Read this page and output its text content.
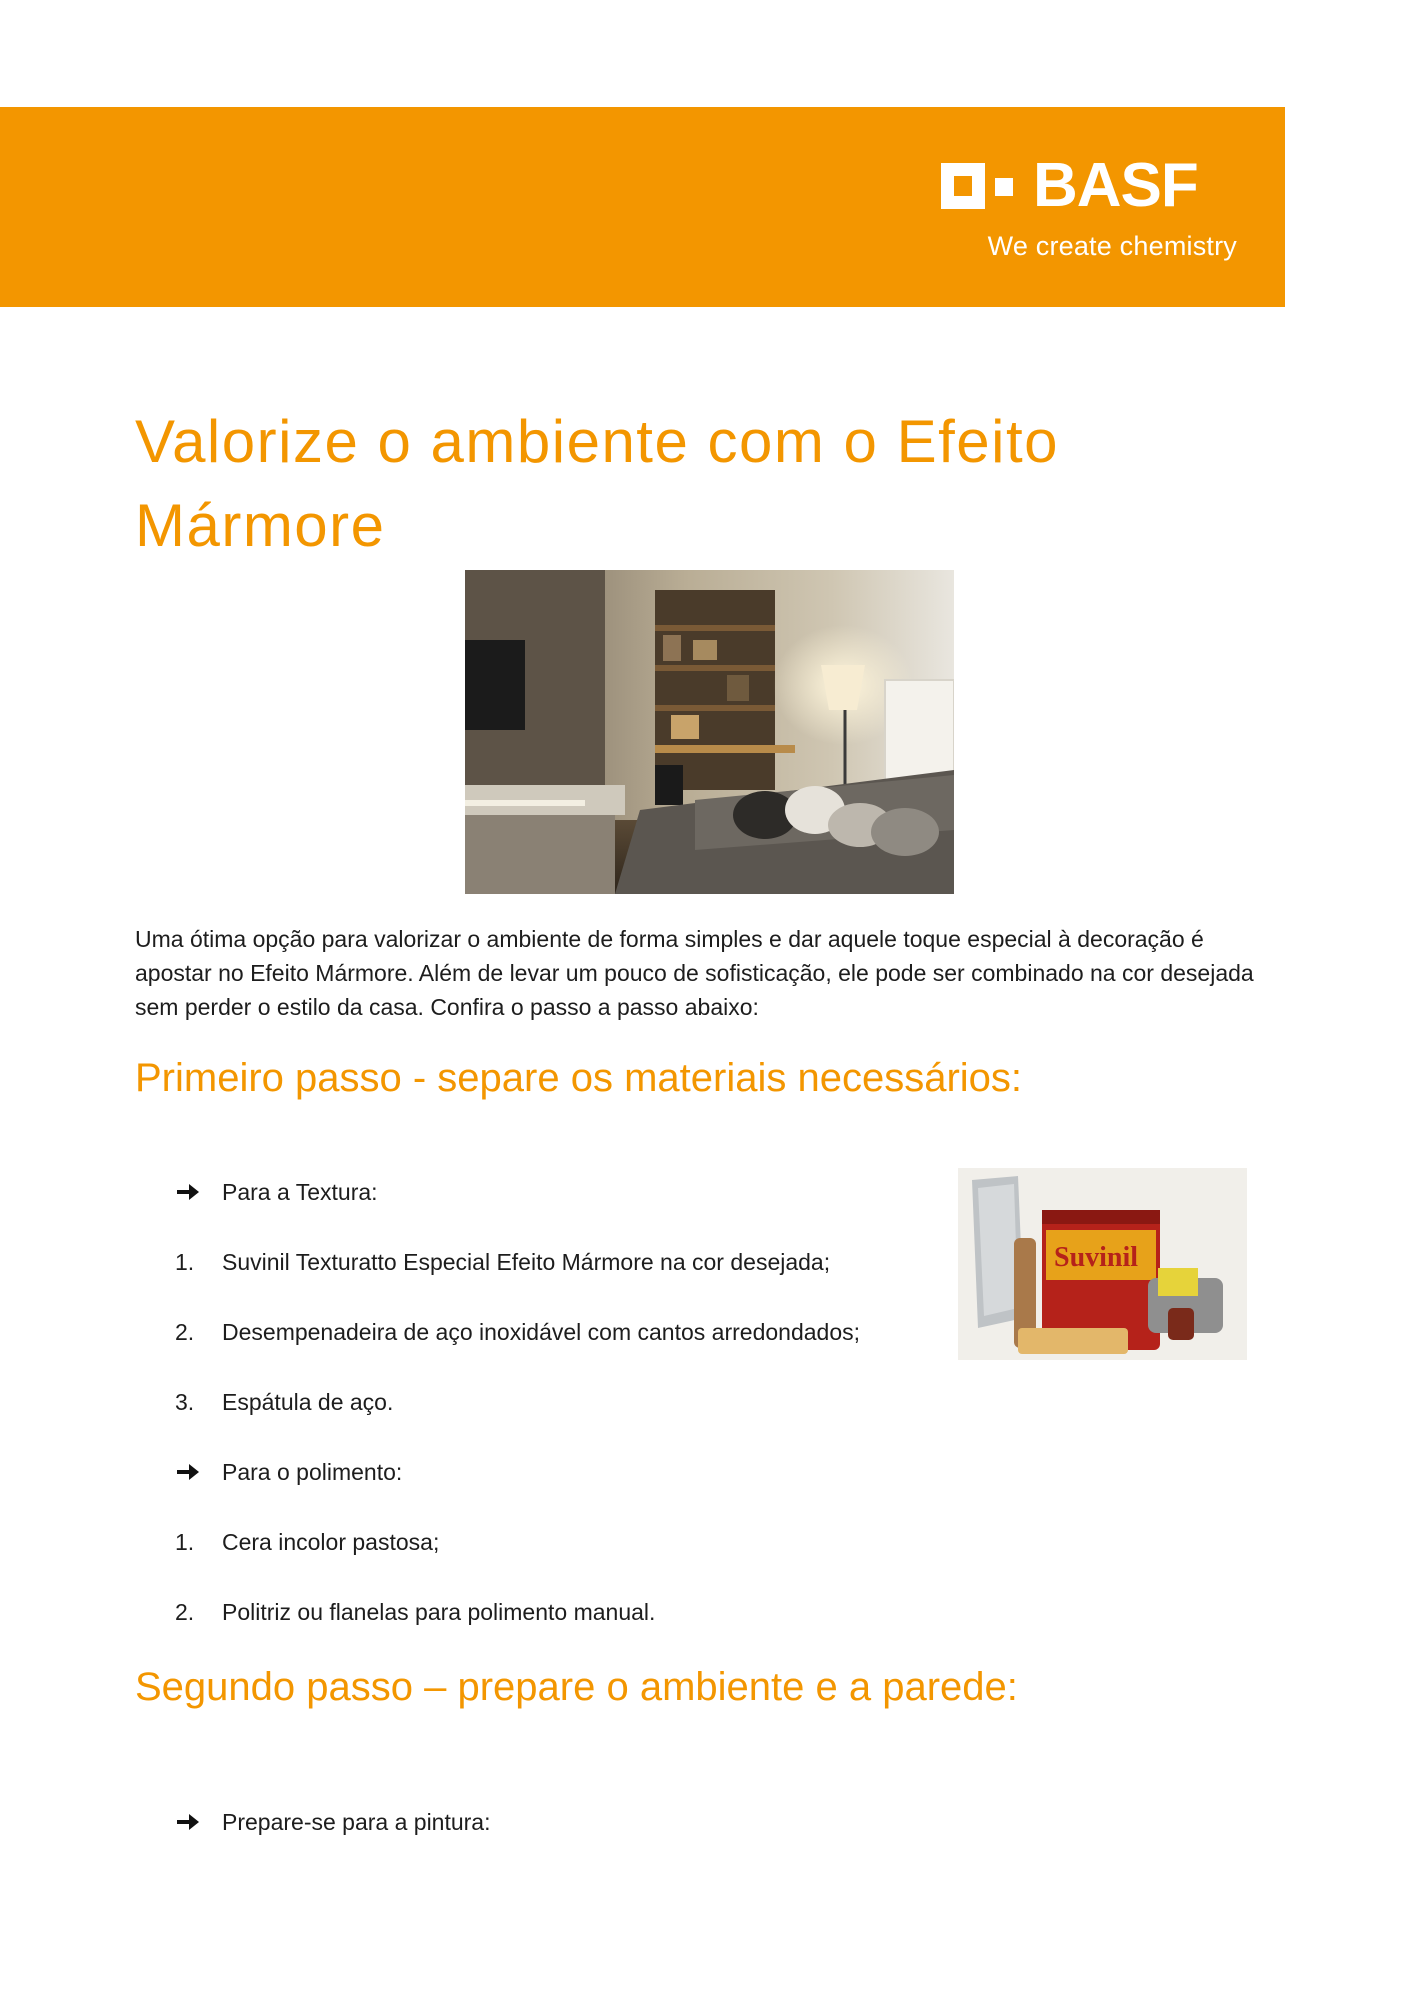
BASF
We create chemistry
Valorize o ambiente com o Efeito Mármore

Uma ótima opção para valorizar o ambiente de forma simples e dar aquele toque especial à decoração é apostar no Efeito Mármore. Além de levar um pouco de sofisticação, ele pode ser combinado na cor desejada sem perder o estilo da casa. Confira o passo a passo abaixo:

Primeiro passo - separe os materiais necessários:
Para a Textura:
1. Suvinil Texturatto Especial Efeito Mármore na cor desejada;
2. Desempenadeira de aço inoxidável com cantos arredondados;
3. Espátula de aço.
Para o polimento:
1. Cera incolor pastosa;
2. Politriz ou flanelas para polimento manual.
Suvinil
Segundo passo – prepare o ambiente e a parede:
Prepare-se para a pintura:
